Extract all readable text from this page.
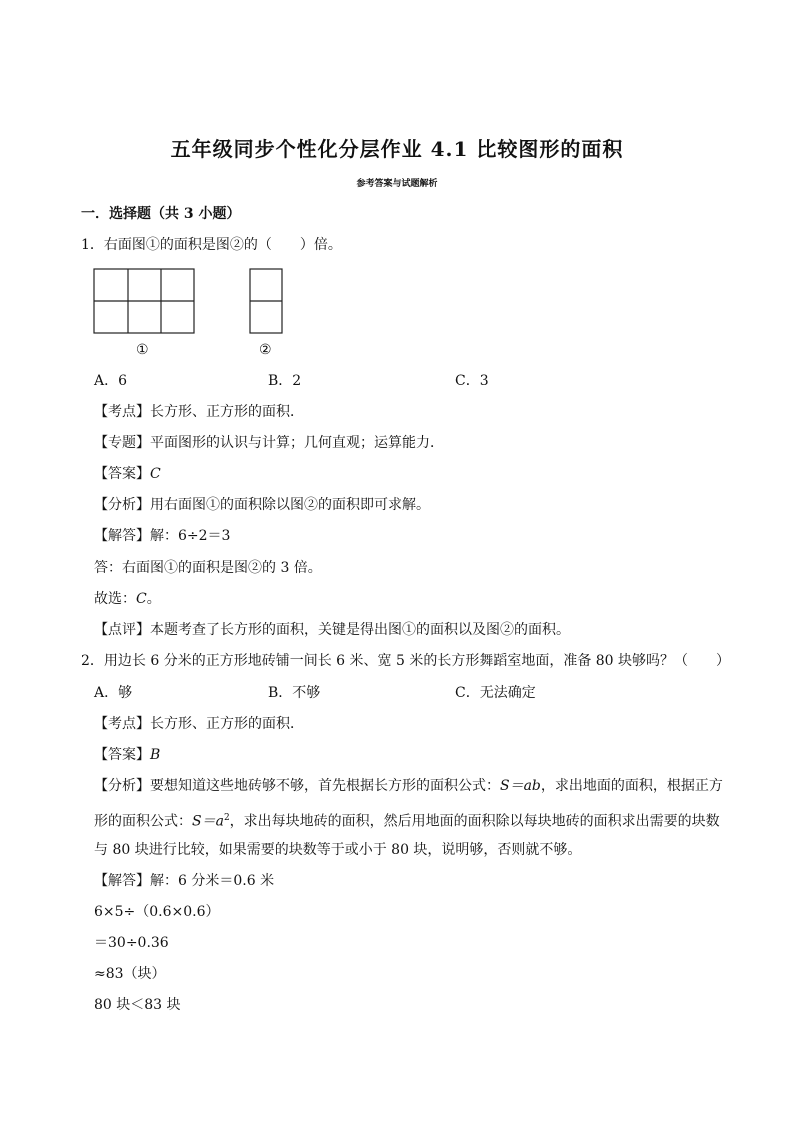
五年级同步个性化分层作业 4.1 比较图形的面积
参考答案与试题解析
一．选择题（共 3 小题）
1．右面图①的面积是图②的（　　）倍。
①	②
A．6	B．2	C．3
【考点】长方形、正方形的面积．
【专题】平面图形的认识与计算；几何直观；运算能力．
【答案】C
【分析】用右面图①的面积除以图②的面积即可求解。
【解答】解：6÷2＝3
答：右面图①的面积是图②的 3 倍。
故选：C。
【点评】本题考查了长方形的面积，关键是得出图①的面积以及图②的面积。
2．用边长 6 分米的正方形地砖铺一间长 6 米、宽 5 米的长方形舞蹈室地面，准备 80 块够吗？（　　）
A．够	B．不够	C．无法确定
【考点】长方形、正方形的面积．
【答案】B
【分析】要想知道这些地砖够不够，首先根据长方形的面积公式：S＝ab，求出地面的面积，根据正方
形的面积公式：$S=a^2$，求出每块地砖的面积，然后用地面的面积除以每块地砖的面积求出需要的块数
与 80 块进行比较，如果需要的块数等于或小于 80 块，说明够，否则就不够。
【解答】解：6 分米＝0.6 米
6×5÷（0.6×0.6）
＝30÷0.36
≈83（块）
80 块＜83 块
